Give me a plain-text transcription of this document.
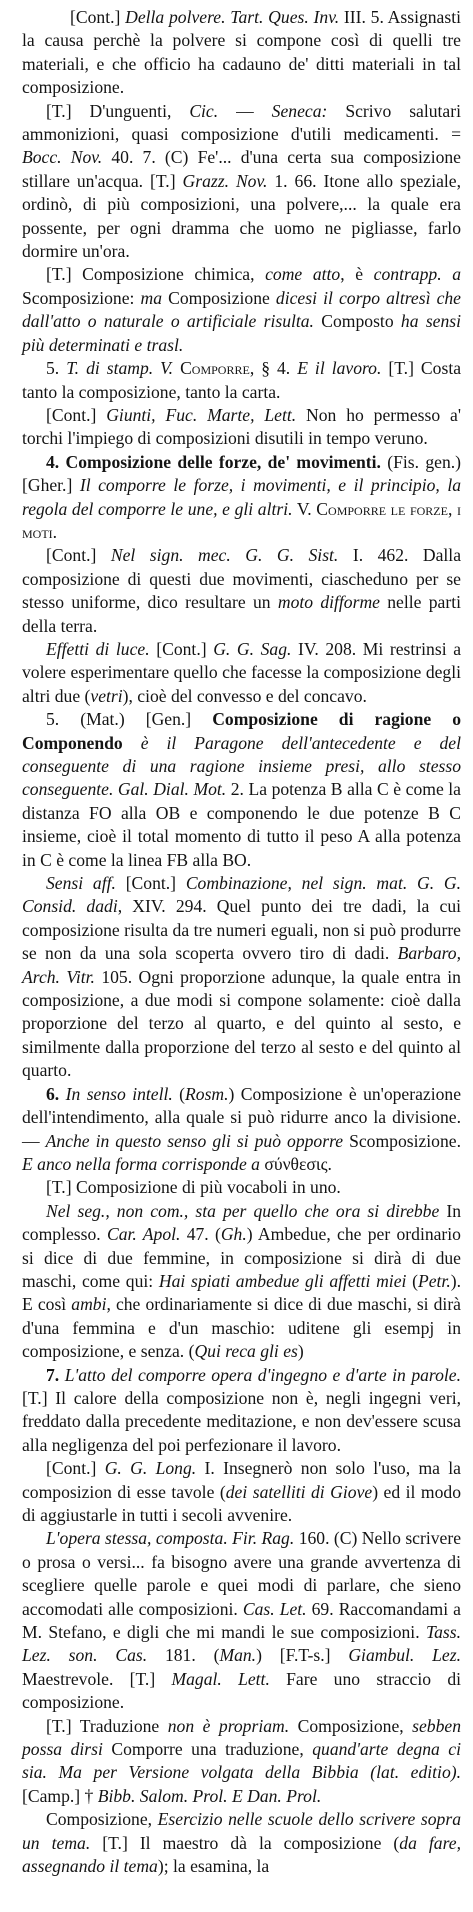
[Cont.] Della polvere. Tart. Ques. Inv. III. 5. Assignasti la causa perchè la polvere si compone così di quelli tre materiali, e che officio ha cadauno de' ditti materiali in tal composizione.

[T.] D'unguenti, Cic. — Seneca: Scrivo salutari ammonizioni, quasi composizione d'utili medicamenti. = Bocc. Nov. 40. 7. (C) Fe'... d'una certa sua composizione stillare un'acqua. [T.] Grazz. Nov. 1. 66. Itone allo speziale, ordinò, di più composizioni, una polvere,... la quale era possente, per ogni dramma che uomo ne pigliasse, farlo dormire un'ora.

[T.] Composizione chimica, come atto, è contrapp. a Scomposizione: ma Composizione dicesi il corpo altresì che dall'atto o naturale o artificiale risulta. Composto ha sensi più determinati e trasl.

5. T. di stamp. V. Comporre, § 4. E il lavoro. [T.] Costa tanto la composizione, tanto la carta.

[Cont.] Giunti, Fuc. Marte, Lett. Non ho permesso a' torchi l'impiego di composizioni disutili in tempo veruno.

4. Composizione delle forze, de' movimenti. (Fis. gen.) [Gher.] Il comporre le forze, i movimenti, e il principio, la regola del comporre le une, e gli altri. V. Comporre le forze, i moti.

[Cont.] Nel sign. mec. G. G. Sist. I. 462. Dalla composizione di questi due movimenti, ciascheduno per se stesso uniforme, dico resultare un moto difforme nelle parti della terra.

Effetti di luce. [Cont.] G. G. Sag. IV. 208. Mi restrinsi a volere esperimentare quello che facesse la composizione degli altri due (vetri), cioè del convesso e del concavo.

5. (Mat.) [Gen.] Composizione di ragione o Componendo è il Paragone dell'antecedente e del conseguente di una ragione insieme presi, allo stesso conseguente. Gal. Dial. Mot. 2. La potenza B alla C è come la distanza FO alla OB e componendo le due potenze B C insieme, cioè il total momento di tutto il peso A alla potenza in C è come la linea FB alla BO.

Sensi aff. [Cont.] Combinazione, nel sign. mat. G. G. Consid. dadi, XIV. 294. Quel punto dei tre dadi, la cui composizione risulta da tre numeri eguali, non si può produrre se non da una sola scoperta ovvero tiro di dadi. Barbaro, Arch. Vitr. 105. Ogni proporzione adunque, la quale entra in composizione, a due modi si compone solamente: cioè dalla proporzione del terzo al quarto, e del quinto al sesto, e similmente dalla proporzione del terzo al sesto e del quinto al quarto.

6. In senso intell. (Rosm.) Composizione è un'operazione dell'intendimento, alla quale si può ridurre anco la divisione. — Anche in questo senso gli si può opporre Scomposizione. E anco nella forma corrisponde a σύνθεσις.

[T.] Composizione di più vocaboli in uno.

Nel seg., non com., sta per quello che ora si direbbe In complesso. Car. Apol. 47. (Gh.) Ambedue, che per ordinario si dice di due femmine, in composizione si dirà di due maschi, come qui: Hai spiati ambedue gli affetti miei (Petr.). E così ambi, che ordinariamente si dice di due maschi, si dirà d'una femmina e d'un maschio: uditene gli esempj in composizione, e senza. (Qui reca gli es)

7. L'atto del comporre opera d'ingegno e d'arte in parole. [T.] Il calore della composizione non è, negli ingegni veri, freddato dalla precedente meditazione, e non dev'essere scusa alla negligenza del poi perfezionare il lavoro.

[Cont.] G. G. Long. I. Insegnerò non solo l'uso, ma la composizion di esse tavole (dei satelliti di Giove) ed il modo di aggiustarle in tutti i secoli avvenire.

L'opera stessa, composta. Fir. Rag. 160. (C) Nello scrivere o prosa o versi... fa bisogno avere una grande avvertenza di scegliere quelle parole e quei modi di parlare, che sieno accomodati alle composizioni. Cas. Let. 69. Raccomandami a M. Stefano, e digli che mi mandi le sue composizioni. Tass. Lez. son. Cas. 181. (Man.) [F.T-s.] Giambul. Lez. Maestrevole. [T.] Magal. Lett. Fare uno straccio di composizione.

[T.] Traduzione non è propriam. Composizione, sebben possa dirsi Comporre una traduzione, quand'arte degna ci sia. Ma per Versione volgata della Bibbia (lat. editio). [Camp.] † Bibb. Salom. Prol. E Dan. Prol.

Composizione, Esercizio nelle scuole dello scrivere sopra un tema. [T.] Il maestro dà la composizione (da fare, assegnando il tema); la esamina, la
